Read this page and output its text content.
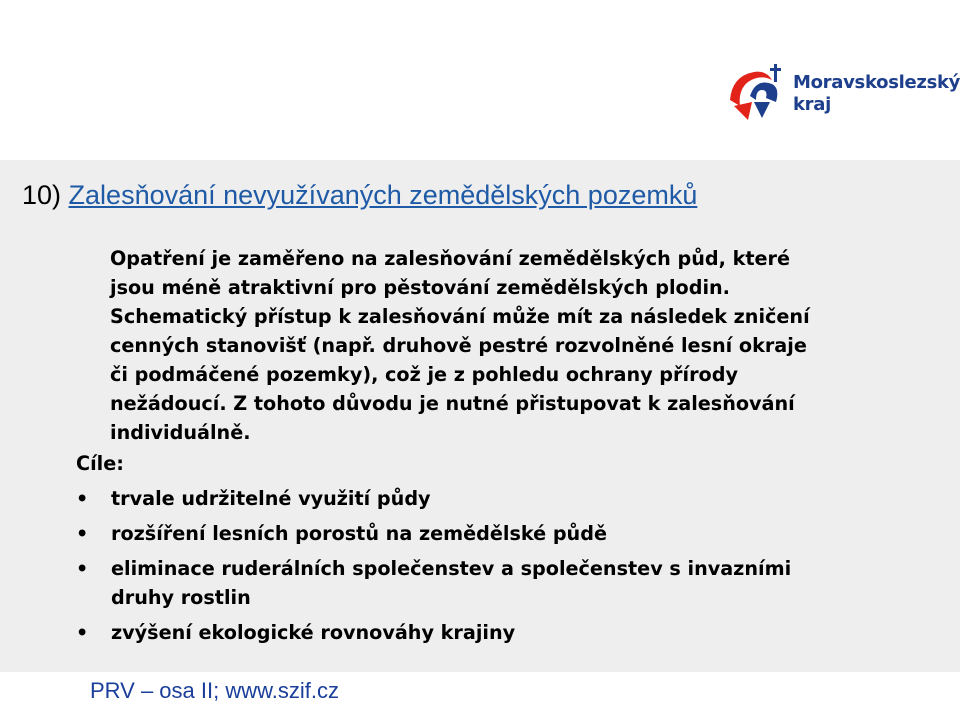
Moravskoslezský
kraj
10) Zalesňování nevyužívaných zemědělských pozemků
Opatření je zaměřeno na zalesňování zemědělských půd, které
jsou méně atraktivní pro pěstování zemědělských plodin.
Schematický přístup k zalesňování může mít za následek zničení
cenných stanovišť (např. druhově pestré rozvolněné lesní okraje
či podmáčené pozemky), což je z pohledu ochrany přírody
nežádoucí. Z tohoto důvodu je nutné přistupovat k zalesňování
individuálně.
Cíle:
• trvale udržitelné využití půdy
• rozšíření lesních porostů na zemědělské půdě
• eliminace ruderálních společenstev a společenstev s invazními
druhy rostlin
• zvýšení ekologické rovnováhy krajiny
PRV – osa II; www.szif.cz
